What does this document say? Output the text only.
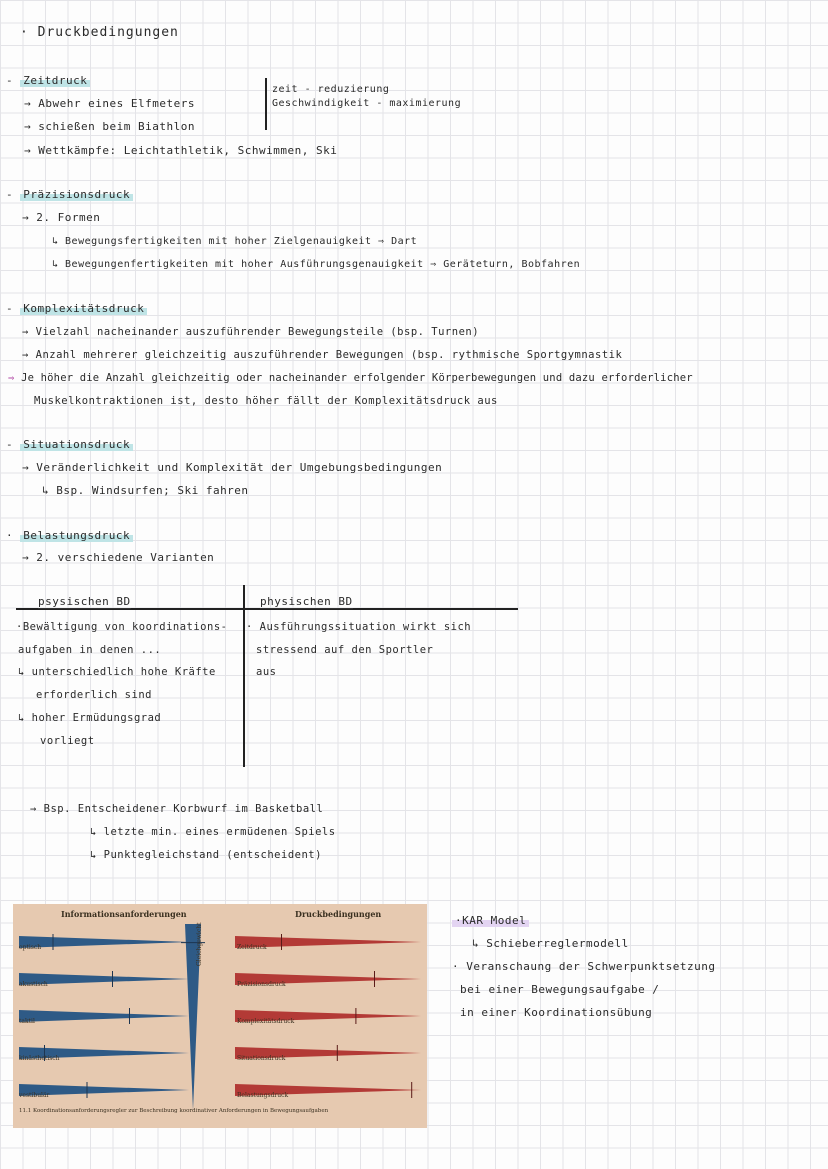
· Druckbedingungen
- Zeitdruck
→ Abwehr eines Elfmeters
→ schießen beim Biathlon
→ Wettkämpfe: Leichtathletik, Schwimmen, Ski
zeit - reduzierung
Geschwindigkeit - maximierung
- Präzisionsdruck
→ 2. Formen
↳ Bewegungsfertigkeiten mit hoher Zielgenauigkeit ⇒ Dart
↳ Bewegungenfertigkeiten mit hoher Ausführungsgenauigkeit ⇒ Geräteturn, Bobfahren
- Komplexitätsdruck
→ Vielzahl nacheinander auszuführender Bewegungsteile (bsp. Turnen)
→ Anzahl mehrerer gleichzeitig auszuführender Bewegungen (bsp. rythmische Sportgymnastik
⇒ Je höher die Anzahl gleichzeitig oder nacheinander erfolgender Körperbewegungen und dazu erforderlicher
Muskelkontraktionen ist, desto höher fällt der Komplexitätsdruck aus
- Situationsdruck
→ Veränderlichkeit und Komplexität der Umgebungsbedingungen
↳ Bsp. Windsurfen; Ski fahren
· Belastungsdruck
→ 2. verschiedene Varianten
psysischen BD	physischen BD
·Bewältigung von koordinations-
aufgaben in denen ...
↳ unterschiedlich hohe Kräfte
erforderlich sind
↳ hoher Ermüdungsgrad
vorliegt
· Ausführungssituation wirkt sich
stressend auf den Sportler
aus
→ Bsp. Entscheidener Korbwurf im Basketball
↳ letzte min. eines ermüdenen Spiels
↳ Punktegleichstand (entscheident)
·KAR Model
↳ Schieberreglermodell
· Veranschaung der Schwerpunktsetzung
bei einer Bewegungsaufgabe /
in einer Koordinationsübung
Informationsanforderungen	Druckbedingungen
Gleichgewicht
optisch
akustisch
taktil
kinästhetisch
vestibulär
Zeitdruck
Präzisionsdruck
Komplexitätsdruck
Situationsdruck
Belastungsdruck
11.1 Koordinationsanforderungsregler zur Beschreibung koordinativer Anforderungen in Bewegungsaufgaben
